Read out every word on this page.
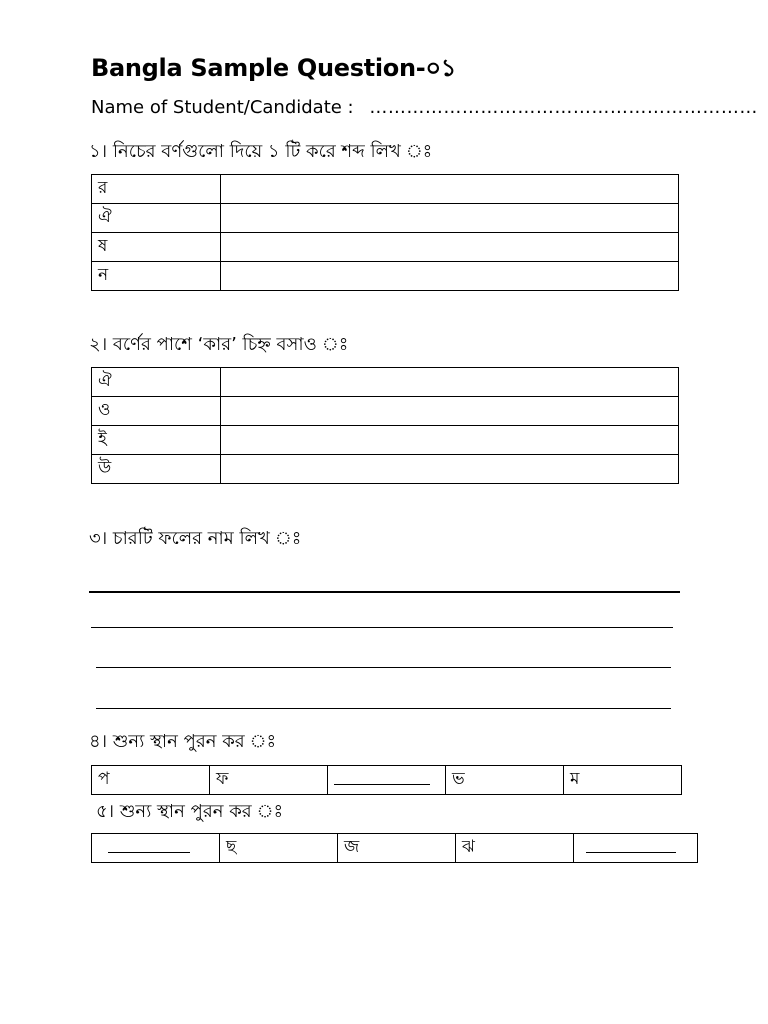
Bangla Sample Question-০১
Name of Student/Candidate : ………………………………………………………
১। নিচের বর্ণগুলো দিয়ে ১ টি করে শব্দ লিখ ঃ
র	
ঐ	
ষ	
ন	
২। বর্ণের পাশে ‘কার’ চিহ্ন বসাও ঃ
ঐ	
ও	
ই	
উ	
৩। চারটি ফলের নাম লিখ ঃ
৪। শুন্য স্থান পুরন কর ঃ
প	ফ		ভ	ম
৫। শুন্য স্থান পুরন কর ঃ
	ছ	জ	ঝ	
